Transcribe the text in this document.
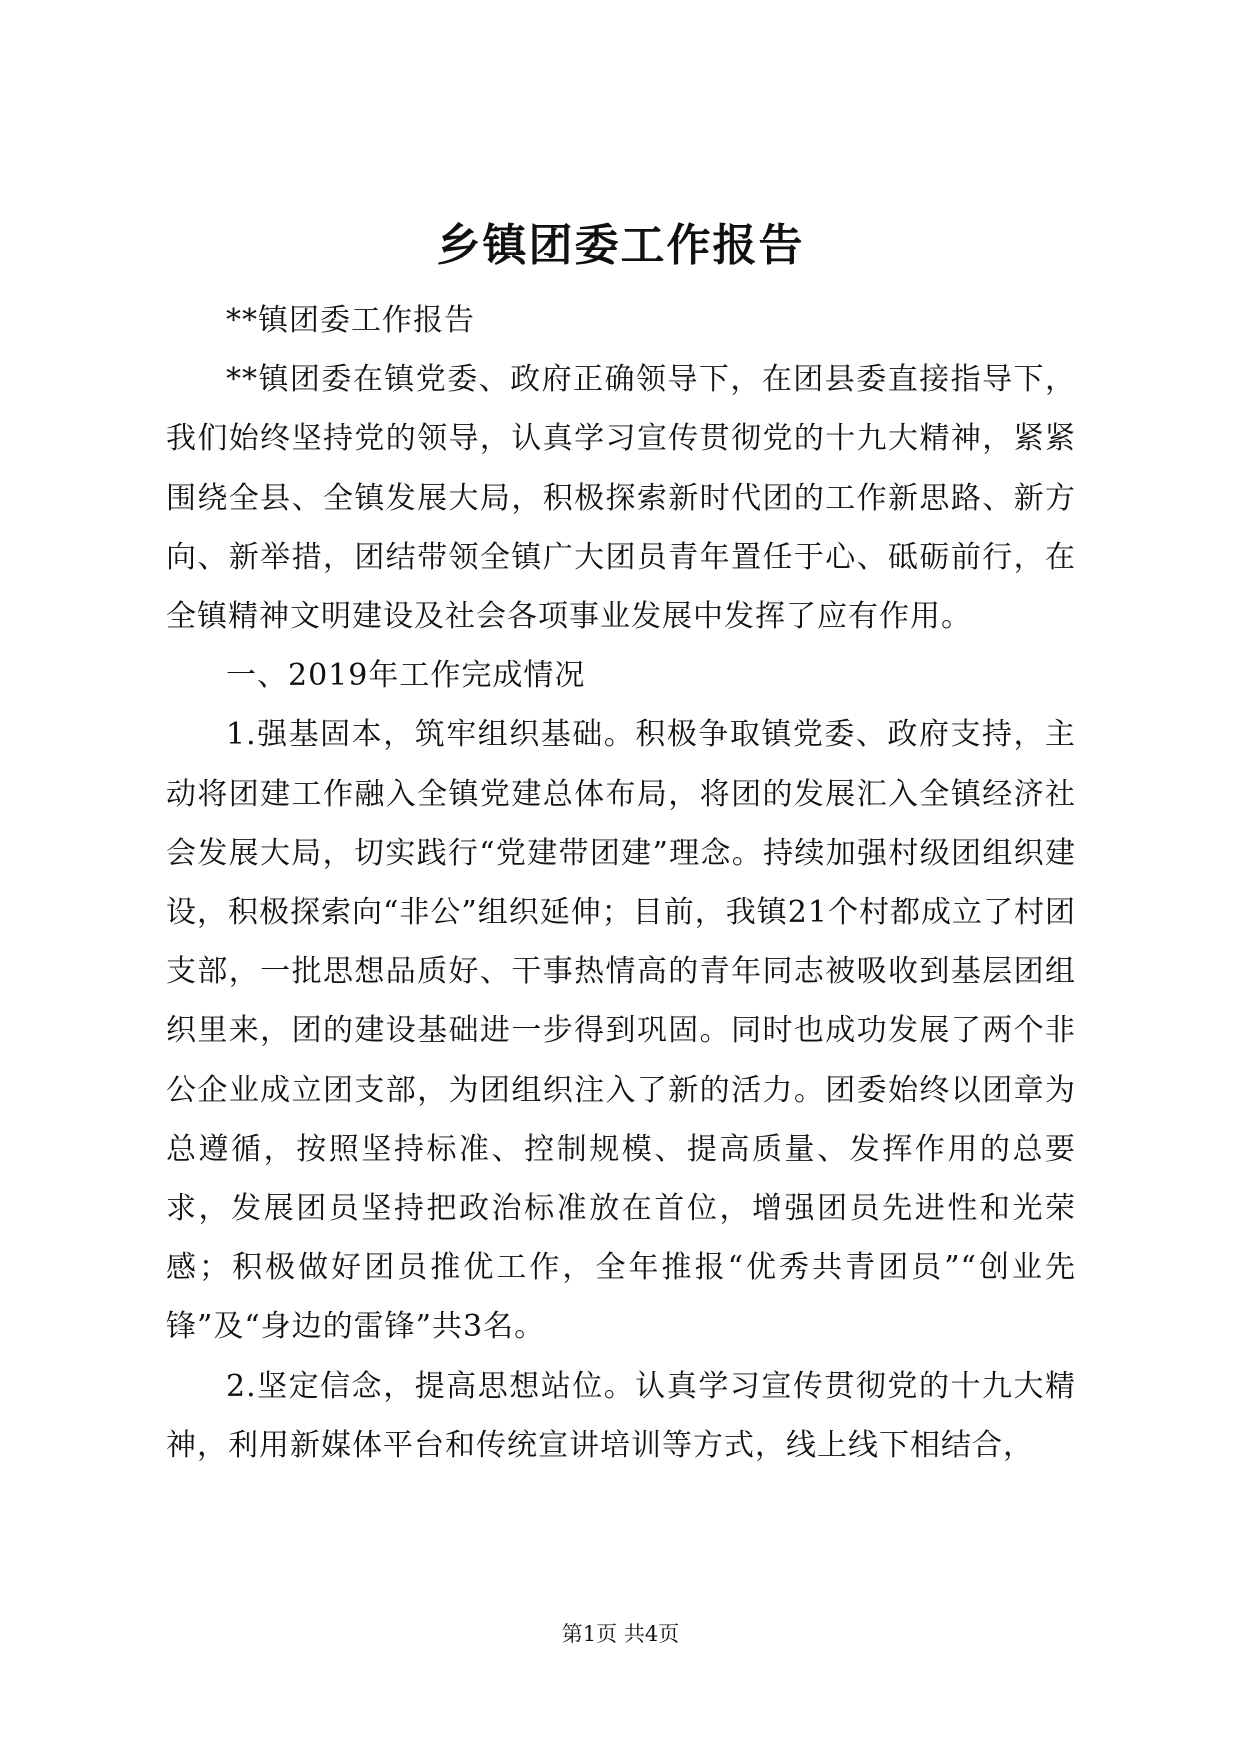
乡镇团委工作报告

**镇团委工作报告

**镇团委在镇党委、政府正确领导下，在团县委直接指导下，我们始终坚持党的领导，认真学习宣传贯彻党的十九大精神，紧紧围绕全县、全镇发展大局，积极探索新时代团的工作新思路、新方向、新举措，团结带领全镇广大团员青年置任于心、砥砺前行，在全镇精神文明建设及社会各项事业发展中发挥了应有作用。

一、2019年工作完成情况

1.强基固本，筑牢组织基础。积极争取镇党委、政府支持，主动将团建工作融入全镇党建总体布局，将团的发展汇入全镇经济社会发展大局，切实践行“党建带团建”理念。持续加强村级团组织建设，积极探索向“非公”组织延伸；目前，我镇21个村都成立了村团支部，一批思想品质好、干事热情高的青年同志被吸收到基层团组织里来，团的建设基础进一步得到巩固。同时也成功发展了两个非公企业成立团支部，为团组织注入了新的活力。团委始终以团章为总遵循，按照坚持标准、控制规模、提高质量、发挥作用的总要求，发展团员坚持把政治标准放在首位，增强团员先进性和光荣感；积极做好团员推优工作，全年推报“优秀共青团员”“创业先锋”及“身边的雷锋”共3名。

2.坚定信念，提高思想站位。认真学习宣传贯彻党的十九大精神，利用新媒体平台和传统宣讲培训等方式，线上线下相结合，

第1页 共4页
